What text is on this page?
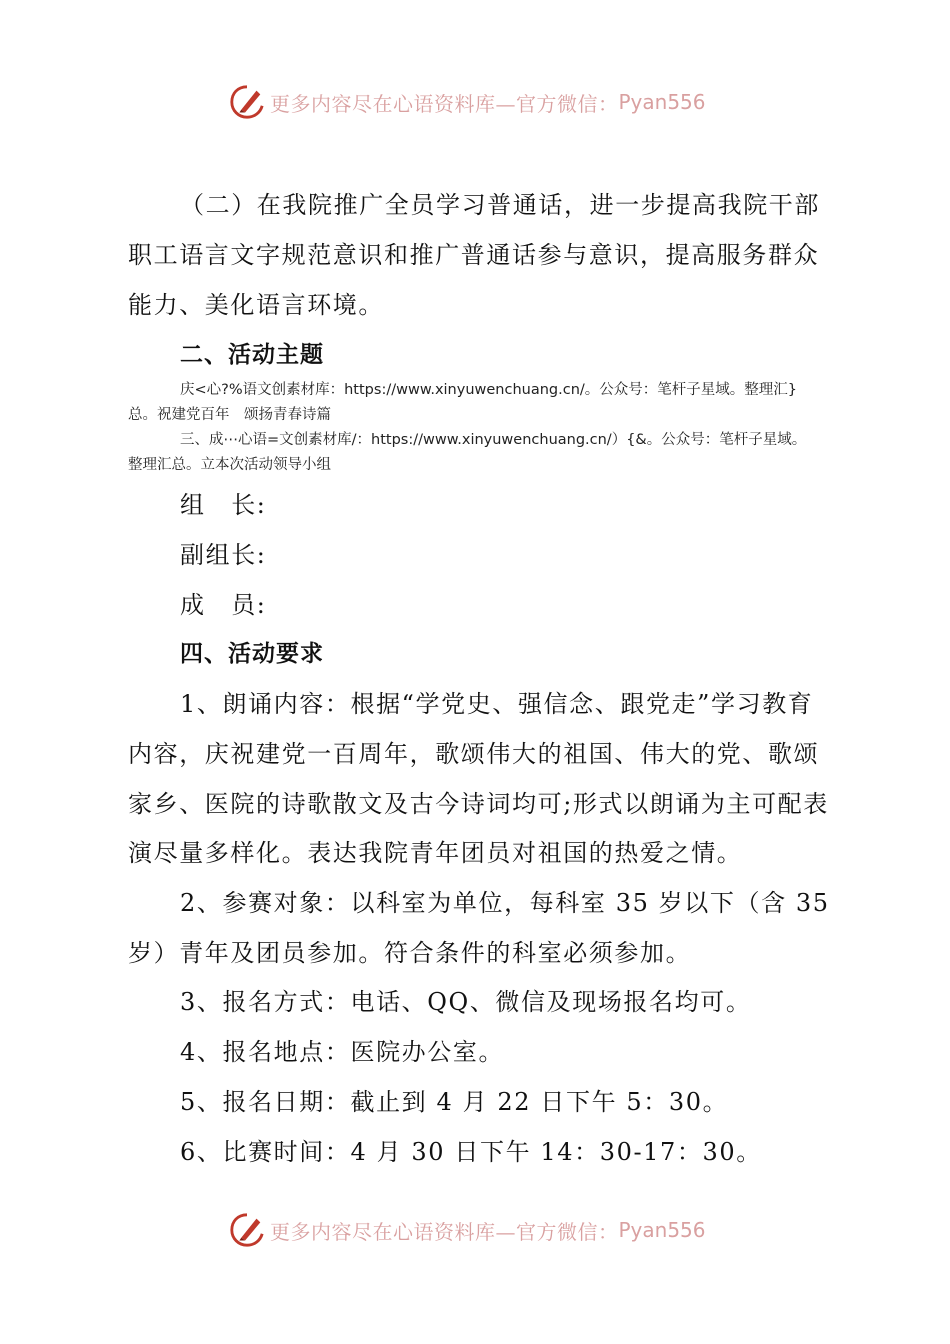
更多内容尽在心语资料库—官方微信： Pyan556
（二）在我院推广全员学习普通话，进一步提高我院干部
职工语言文字规范意识和推广普通话参与意识，提高服务群众
能力、美化语言环境。
二、活动主题
庆<心?%语文创素材库：https://www.xinyuwenchuang.cn/。公众号：笔杆子星域。整理汇}
总。祝建党百年　颂扬青春诗篇
三、成⋯心语=文创素材库/：https://www.xinyuwenchuang.cn/）{&。公众号：笔杆子星域。
整理汇总。立本次活动领导小组
组　长:
副组长:
成　员:
四、活动要求
1、朗诵内容：根据“学党史、强信念、跟党走”学习教育
内容，庆祝建党一百周年，歌颂伟大的祖国、伟大的党、歌颂
家乡、医院的诗歌散文及古今诗词均可;形式以朗诵为主可配表
演尽量多样化。表达我院青年团员对祖国的热爱之情。
2、参赛对象：以科室为单位，每科室 35 岁以下（含 35
岁）青年及团员参加。符合条件的科室必须参加。
3、报名方式：电话、QQ、微信及现场报名均可。
4、报名地点：医院办公室。
5、报名日期：截止到 4 月 22 日下午 5：30。
6、比赛时间：4 月 30 日下午 14：30-17：30。
更多内容尽在心语资料库—官方微信： Pyan556
